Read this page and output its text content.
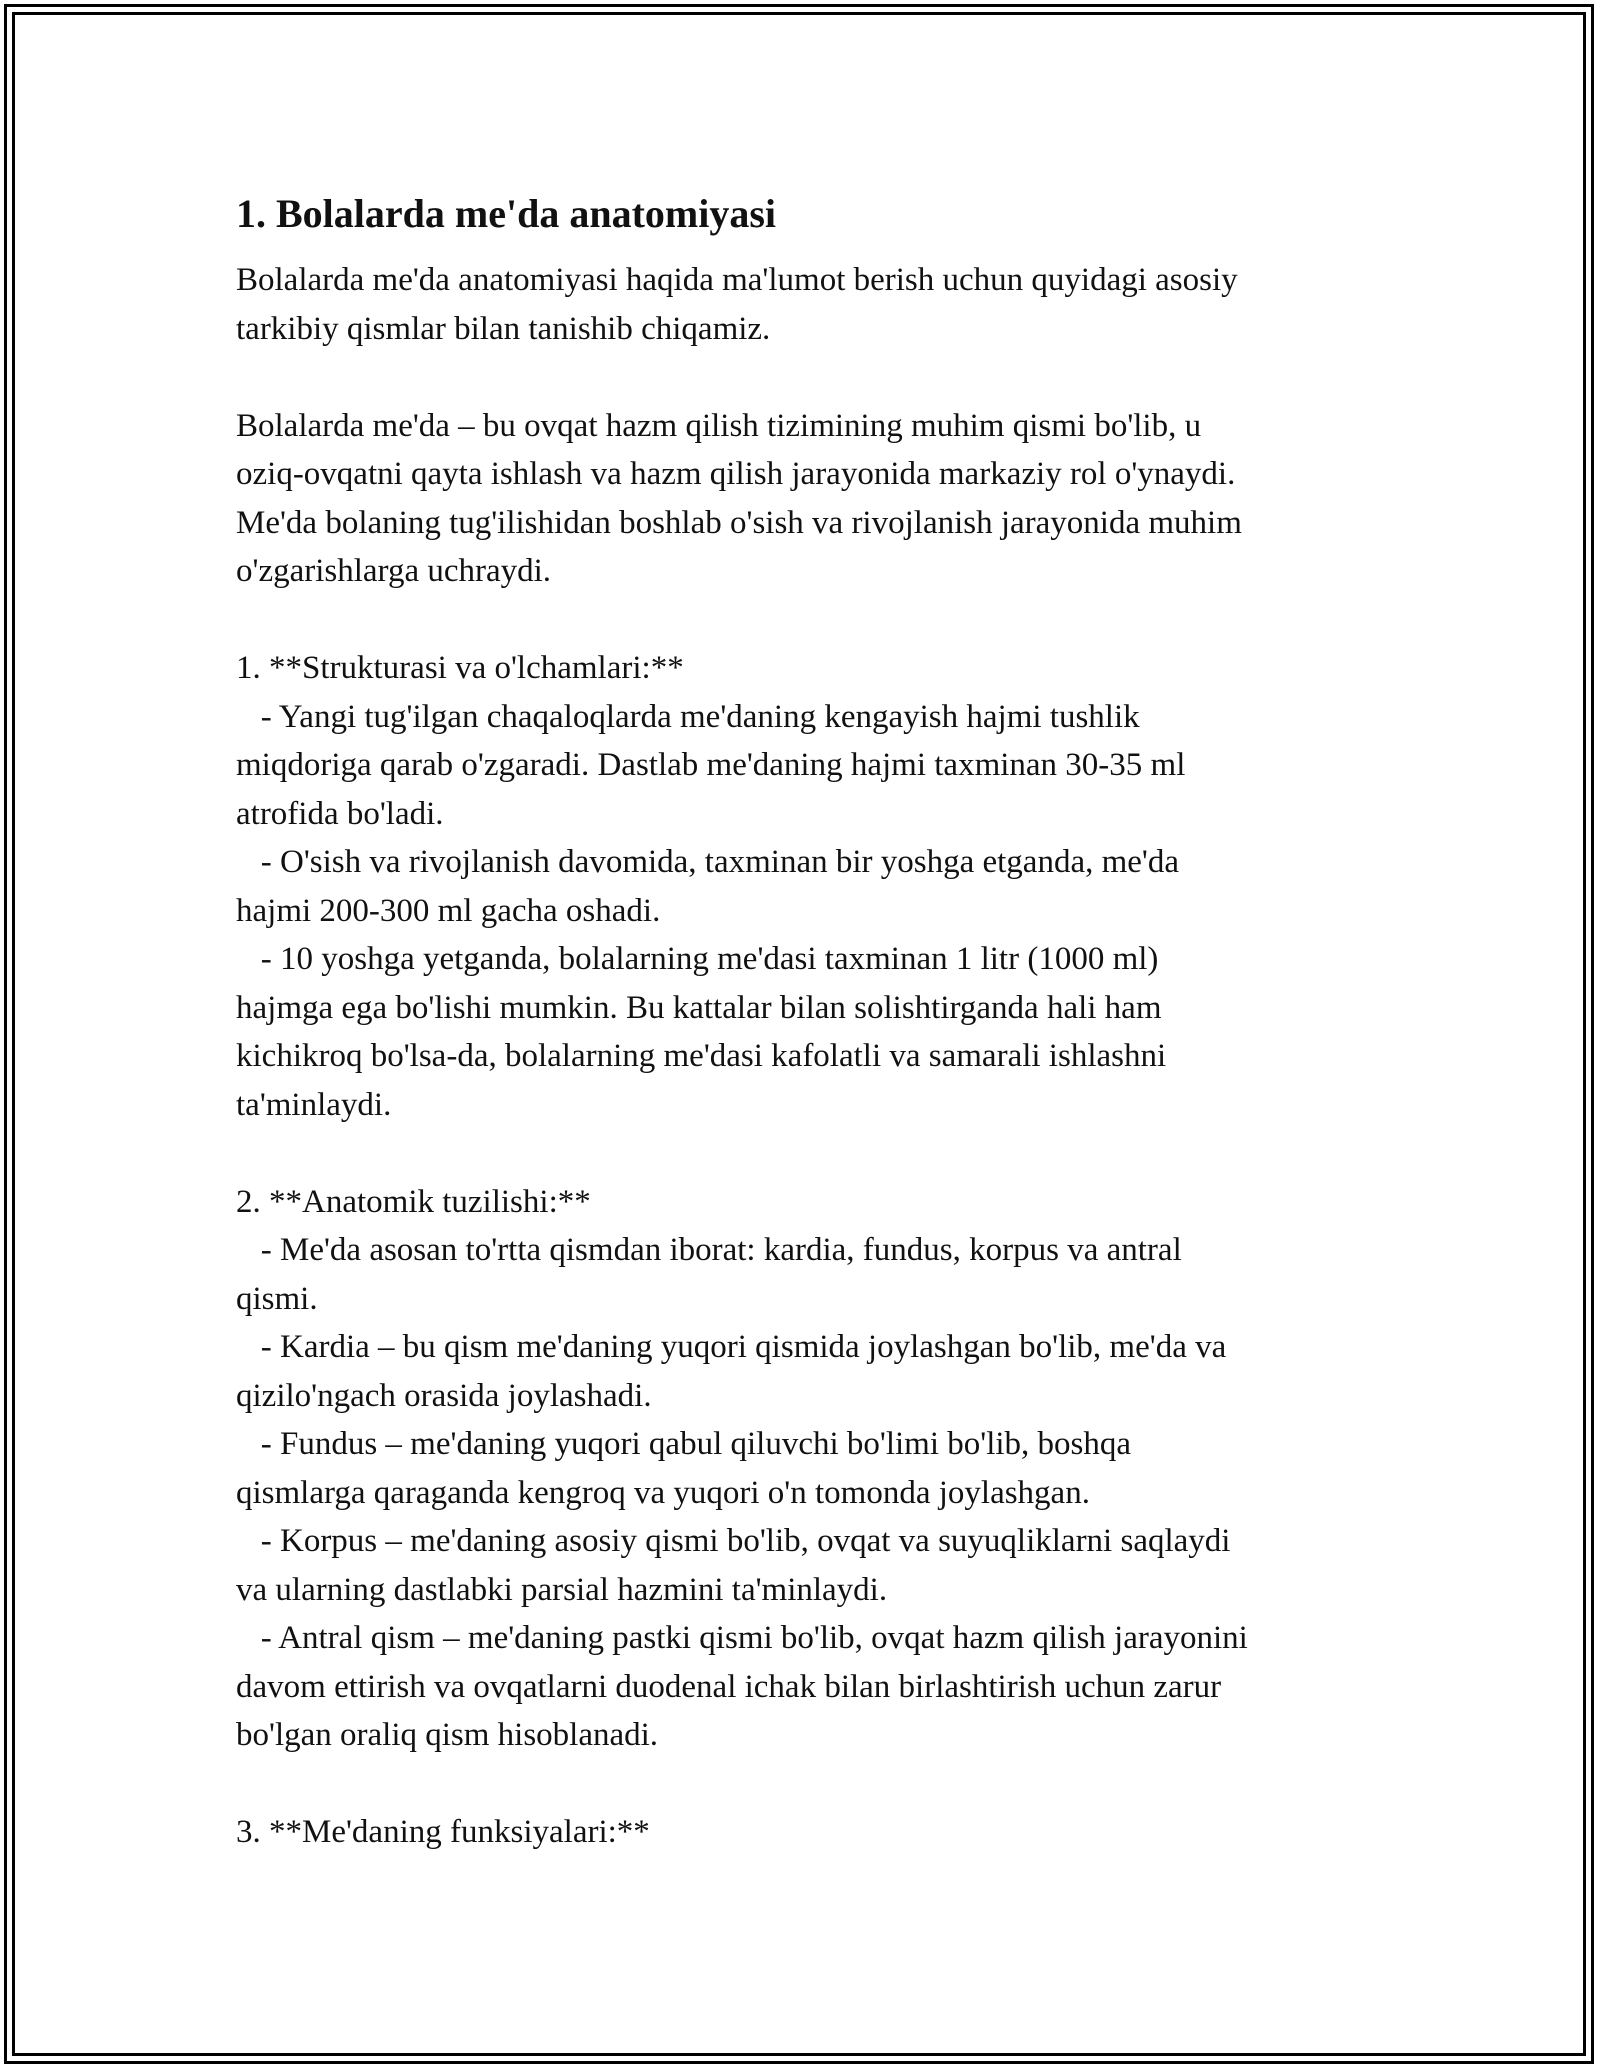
1. Bolalarda me'da anatomiyasi

Bolalarda me'da anatomiyasi haqida ma'lumot berish uchun quyidagi asosiy
tarkibiy qismlar bilan tanishib chiqamiz.

Bolalarda me'da – bu ovqat hazm qilish tizimining muhim qismi bo'lib, u
oziq-ovqatni qayta ishlash va hazm qilish jarayonida markaziy rol o'ynaydi.
Me'da bolaning tug'ilishidan boshlab o'sish va rivojlanish jarayonida muhim
o'zgarishlarga uchraydi.

1. **Strukturasi va o'lchamlari:**

- Yangi tug'ilgan chaqaloqlarda me'daning kengayish hajmi tushlik
miqdoriga qarab o'zgaradi. Dastlab me'daning hajmi taxminan 30-35 ml
atrofida bo'ladi.

- O'sish va rivojlanish davomida, taxminan bir yoshga etganda, me'da
hajmi 200-300 ml gacha oshadi.

- 10 yoshga yetganda, bolalarning me'dasi taxminan 1 litr (1000 ml)
hajmga ega bo'lishi mumkin. Bu kattalar bilan solishtirganda hali ham
kichikroq bo'lsa-da, bolalarning me'dasi kafolatli va samarali ishlashni
ta'minlaydi.

2. **Anatomik tuzilishi:**

- Me'da asosan to'rtta qismdan iborat: kardia, fundus, korpus va antral
qismi.

- Kardia – bu qism me'daning yuqori qismida joylashgan bo'lib, me'da va
qizilo'ngach orasida joylashadi.

- Fundus – me'daning yuqori qabul qiluvchi bo'limi bo'lib, boshqa
qismlarga qaraganda kengroq va yuqori o'n tomonda joylashgan.

- Korpus – me'daning asosiy qismi bo'lib, ovqat va suyuqliklarni saqlaydi
va ularning dastlabki parsial hazmini ta'minlaydi.

- Antral qism – me'daning pastki qismi bo'lib, ovqat hazm qilish jarayonini
davom ettirish va ovqatlarni duodenal ichak bilan birlashtirish uchun zarur
bo'lgan oraliq qism hisoblanadi.

3. **Me'daning funksiyalari:**
